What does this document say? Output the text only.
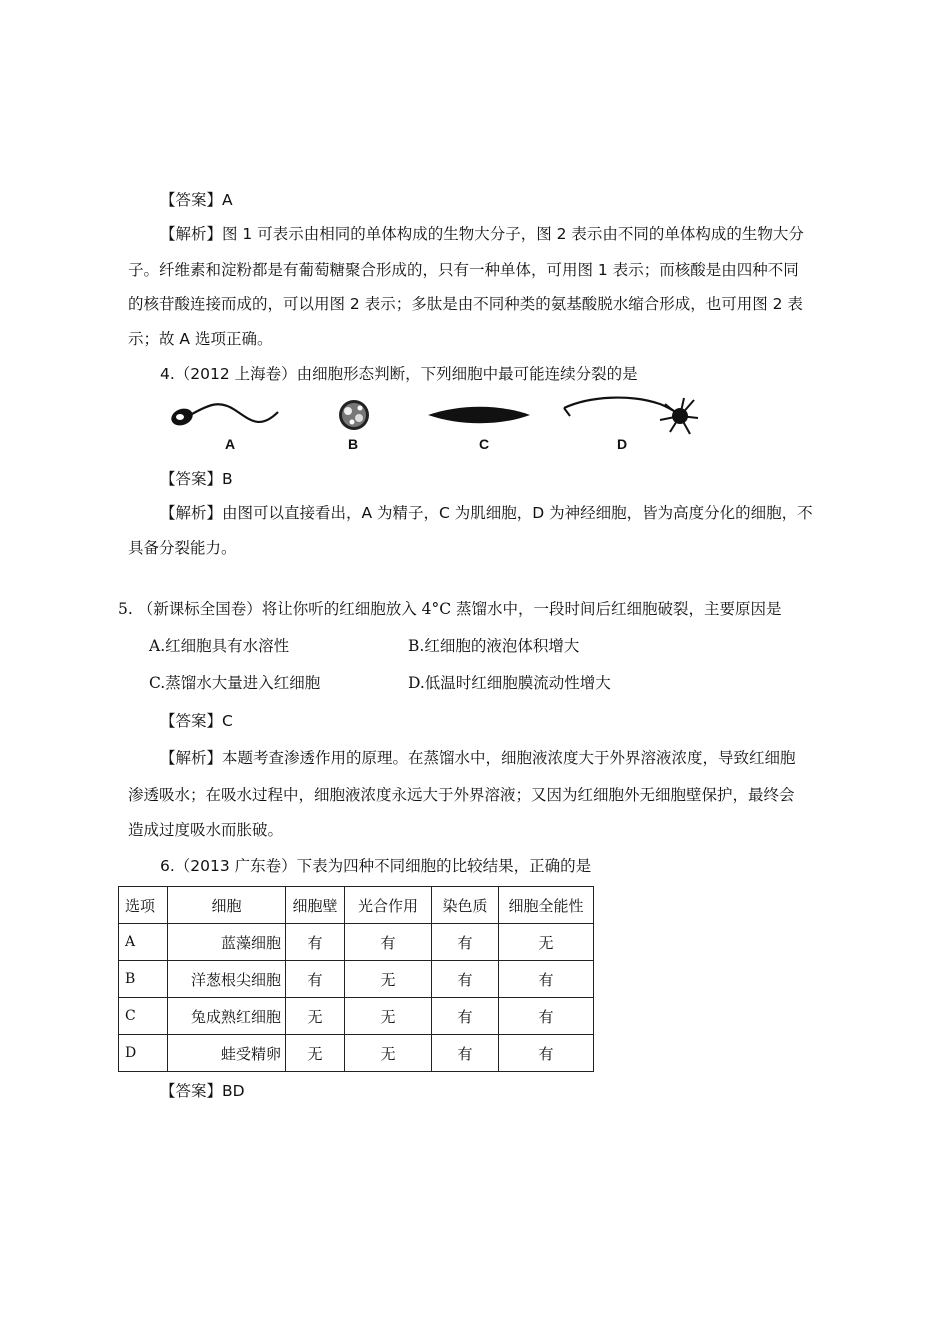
【答案】A
【解析】图 1 可表示由相同的单体构成的生物大分子，图 2 表示由不同的单体构成的生物大分
子。纤维素和淀粉都是有葡萄糖聚合形成的，只有一种单体，可用图 1 表示；而核酸是由四种不同
的核苷酸连接而成的，可以用图 2 表示；多肽是由不同种类的氨基酸脱水缩合形成，也可用图 2 表
示；故 A 选项正确。
4.（2012 上海卷）由细胞形态判断，下列细胞中最可能连续分裂的是
A	B	C	D
【答案】B
【解析】由图可以直接看出，A 为精子，C 为肌细胞，D 为神经细胞，皆为高度分化的细胞，不
具备分裂能力。
5. （新课标全国卷）将让你听的红细胞放入 4°C 蒸馏水中，一段时间后红细胞破裂，主要原因是
A.红细胞具有水溶性	B.红细胞的液泡体积增大
C.蒸馏水大量进入红细胞	D.低温时红细胞膜流动性增大
【答案】C
【解析】本题考查渗透作用的原理。在蒸馏水中，细胞液浓度大于外界溶液浓度，导致红细胞
渗透吸水；在吸水过程中，细胞液浓度永远大于外界溶液；又因为红细胞外无细胞壁保护，最终会
造成过度吸水而胀破。
6.（2013 广东卷）下表为四种不同细胞的比较结果，正确的是
选项	细胞	细胞壁	光合作用	染色质	细胞全能性
A	蓝藻细胞	有	有	有	无
B	洋葱根尖细胞	有	无	有	有
C	兔成熟红细胞	无	无	有	有
D	蛙受精卵	无	无	有	有
【答案】BD
